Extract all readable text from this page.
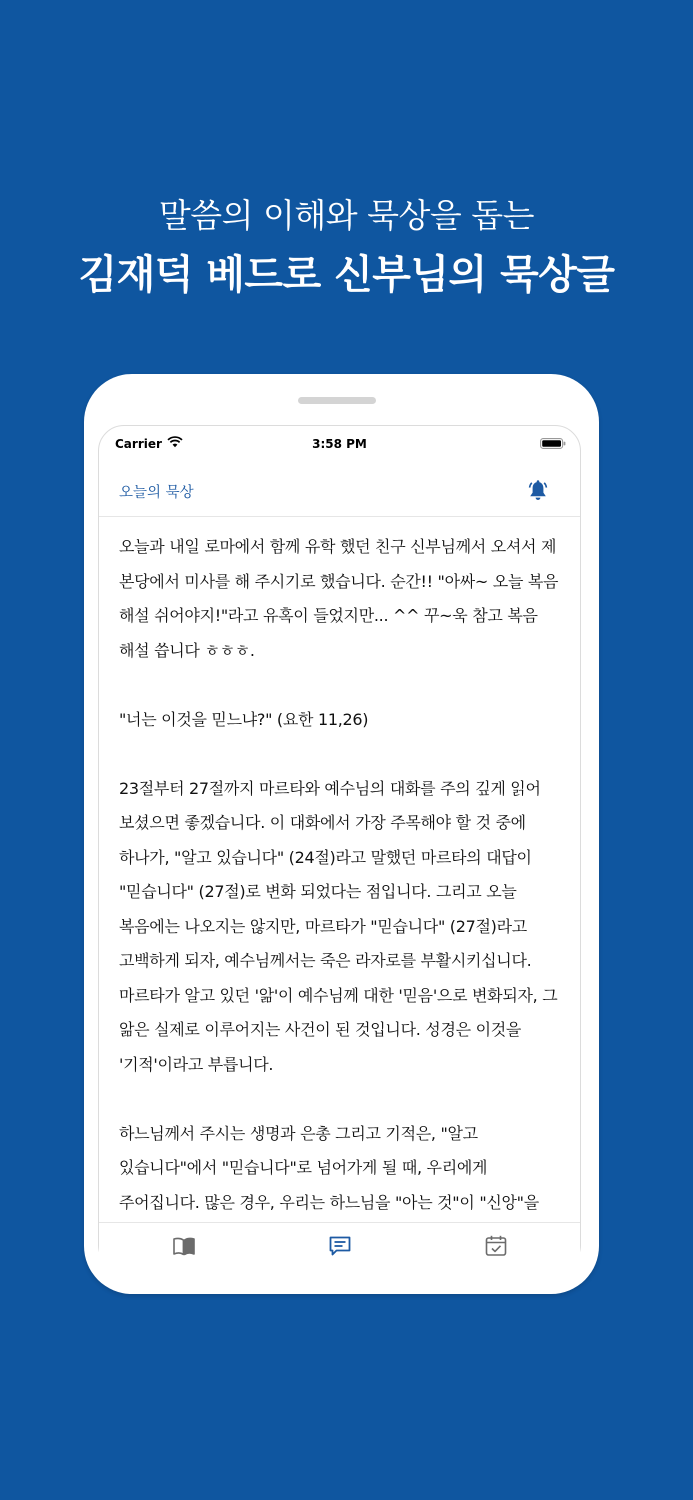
말씀의 이해와 묵상을 돕는
김재덕 베드로 신부님의 묵상글
Carrier	3:58 PM
오늘의 묵상

오늘과 내일 로마에서 함께 유학 했던 친구 신부님께서 오셔서 제 본당에서 미사를 해 주시기로 했습니다. 순간!! "아싸~ 오늘 복음 해설 쉬어야지!"라고 유혹이 들었지만... ^^ 꾸~욱 참고 복음 해설 씁니다 ㅎㅎㅎ.

"너는 이것을 믿느냐?" (요한 11,26)

23절부터 27절까지 마르타와 예수님의 대화를 주의 깊게 읽어 보셨으면 좋겠습니다. 이 대화에서 가장 주목해야 할 것 중에 하나가, "알고 있습니다" (24절)라고 말했던 마르타의 대답이 "믿습니다" (27절)로 변화 되었다는 점입니다. 그리고 오늘 복음에는 나오지는 않지만, 마르타가 "믿습니다" (27절)라고 고백하게 되자, 예수님께서는 죽은 라자로를 부활시키십니다. 마르타가 알고 있던 '앎'이 예수님께 대한 '믿음'으로 변화되자, 그 앎은 실제로 이루어지는 사건이 된 것입니다. 성경은 이것을 '기적'이라고 부릅니다.

하느님께서 주시는 생명과 은총 그리고 기적은, "알고 있습니다"에서 "믿습니다"로 넘어가게 될 때, 우리에게 주어집니다. 많은 경우, 우리는 하느님을 "아는 것"이 "신앙"을
